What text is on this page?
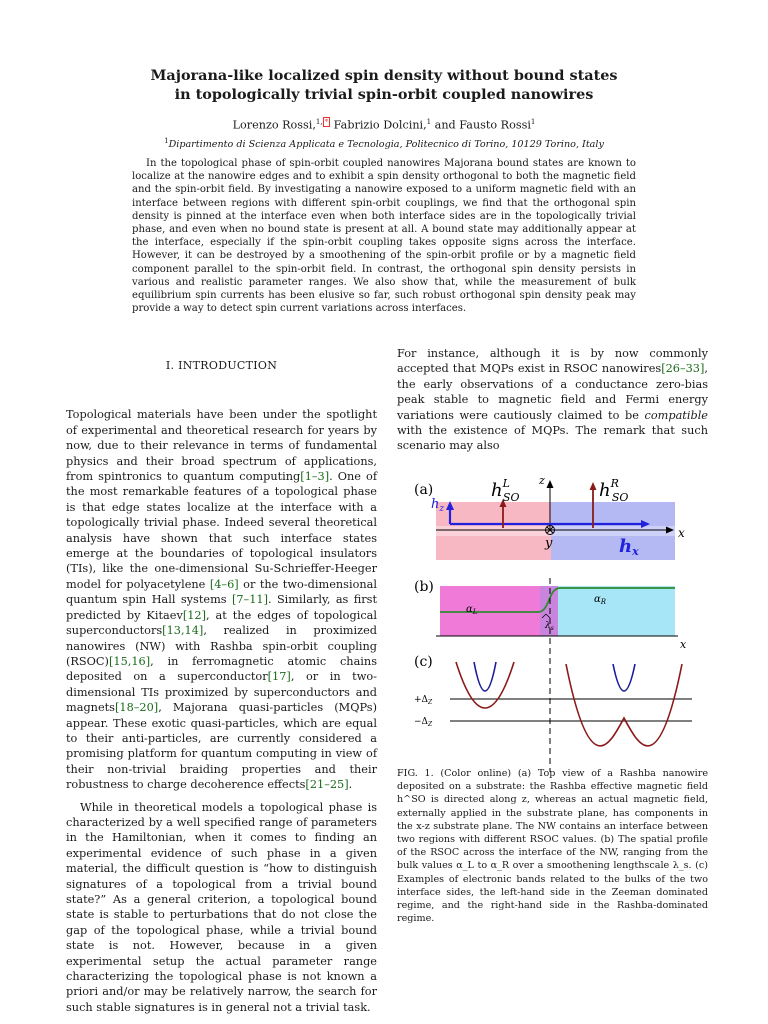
Majorana-like localized spin density without bound states
in topologically trivial spin-orbit coupled nanowires
Lorenzo Rossi,$^{1,}$ * Fabrizio Dolcini,$^1$ and Fausto Rossi$^1$
$^1$Dipartimento di Scienza Applicata e Tecnologia, Politecnico di Torino, 10129 Torino, Italy

In the topological phase of spin-orbit coupled nanowires Majorana bound states are known to localize at the nanowire edges and to exhibit a spin density orthogonal to both the magnetic field and the spin-orbit field. By investigating a nanowire exposed to a uniform magnetic field with an interface between regions with different spin-orbit couplings, we find that the orthogonal spin density is pinned at the interface even when both interface sides are in the topologically trivial phase, and even when no bound state is present at all. A bound state may additionally appear at the interface, especially if the spin-orbit coupling takes opposite signs across the interface. However, it can be destroyed by a smoothening of the spin-orbit profile or by a magnetic field component parallel to the spin-orbit field. In contrast, the orthogonal spin density persists in various and realistic parameter ranges. We also show that, while the measurement of bulk equilibrium spin currents has been elusive so far, such robust orthogonal spin density peak may provide a way to detect spin current variations across interfaces.

I. INTRODUCTION

Topological materials have been under the spotlight of experimental and theoretical research for years by now, due to their relevance in terms of fundamental physics and their broad spectrum of applications, from spintronics to quantum computing[1–3]. One of the most remarkable features of a topological phase is that edge states localize at the interface with a topologically trivial phase. Indeed several theoretical analysis have shown that such interface states emerge at the boundaries of topological insulators (TIs), like the one-dimensional Su-Schrieffer-Heeger model for polyacetylene [4–6] or the two-dimensional quantum spin Hall systems [7–11]. Similarly, as first predicted by Kitaev[12], at the edges of topological superconductors[13,14], realized in proximized nanowires (NW) with Rashba spin-orbit coupling (RSOC)[15,16], in ferromagnetic atomic chains deposited on a superconductor[17], or in two-dimensional TIs proximized by superconductors and magnets[18–20], Majorana quasi-particles (MQPs) appear. These exotic quasi-particles, which are equal to their anti-particles, are currently considered a promising platform for quantum computing in view of their non-trivial braiding properties and their robustness to charge decoherence effects[21–25].

While in theoretical models a topological phase is characterized by a well specified range of parameters in the Hamiltonian, when it comes to finding an experimental evidence of such phase in a given material, the difficult question is “how to distinguish signatures of a topological from a trivial bound state?” As a general criterion, a topological bound state is stable to perturbations that do not close the gap of the topological phase, while a trivial bound state is not. However, because in a given experimental setup the actual parameter range characterizing the topological phase is not known a priori and/or may be relatively narrow, the search for such stable signatures is in general not a trivial task.

For instance, although it is by now commonly accepted that MQPs exist in RSOC nanowires[26–33], the early observations of a conductance zero-bias peak stable to magnetic field and Fermi energy variations were cautiously claimed to be compatible with the existence of MQPs. The remark that such scenario may also

(a)	$h^L$ SO	$h^R$ SO
z
x
y
$h_z$
hx
(b)
$\alpha_L$
$\alpha_R$
$\lambda_s$
x
(c)
$+\Delta_Z$
$-\Delta_Z$

FIG. 1. (Color online) (a) Top view of a Rashba nanowire deposited on a substrate: the Rashba effective magnetic field h^SO is directed along z, whereas an actual magnetic field, externally applied in the substrate plane, has components in the x-z substrate plane. The NW contains an interface between two regions with different RSOC values. (b) The spatial profile of the RSOC across the interface of the NW, ranging from the bulk values α_L to α_R over a smoothening lengthscale λ_s. (c) Examples of electronic bands related to the bulks of the two interface sides, the left-hand side in the Zeeman dominated regime, and the right-hand side in the Rashba-dominated regime.
